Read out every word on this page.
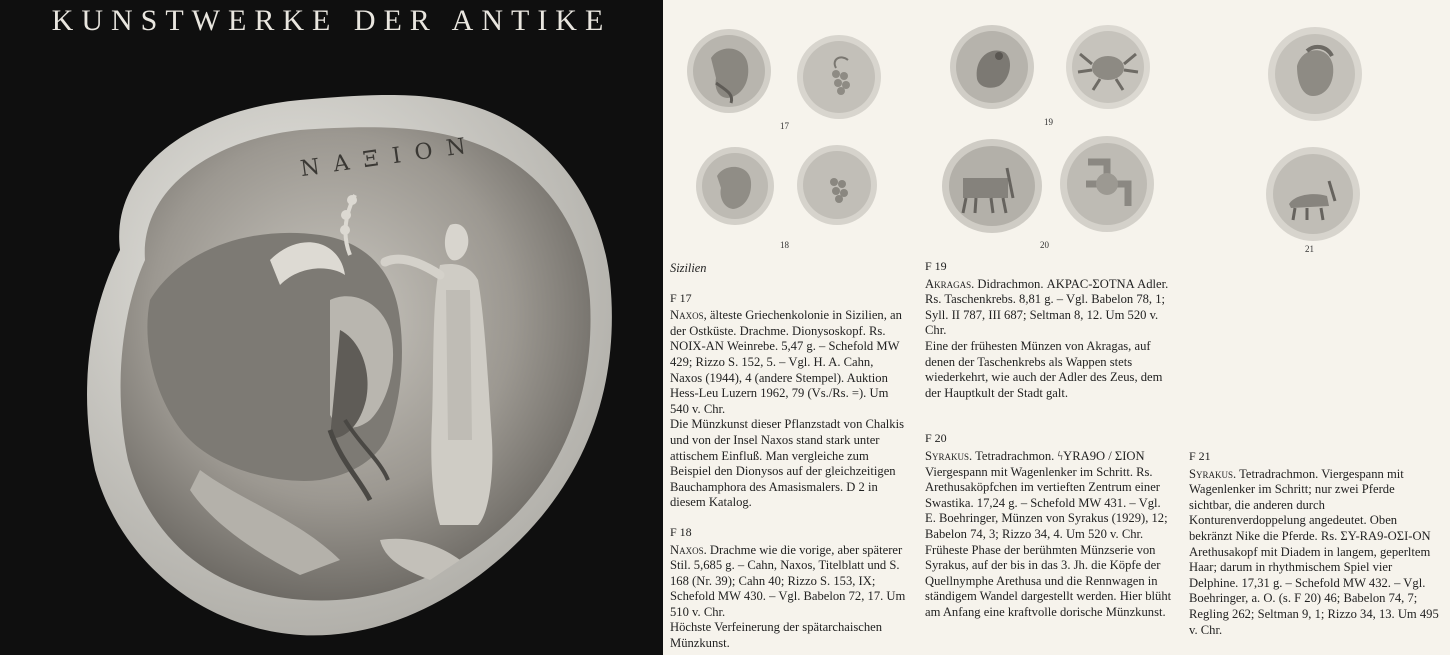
ΝΑΞΙΟΝ
KUNSTWERKE DER ANTIKE
17
18
19
20	21

Sizilien

F 17

Naxos, älteste Griechenkolonie in Sizilien, an der Ostküste. Drachme. Dionysoskopf. Rs. ΝΟΙΧ-ΑΝ Weinrebe. 5,47 g. – Schefold MW 429; Rizzo S. 152, 5. – Vgl. H. A. Cahn, Naxos (1944), 4 (andere Stempel). Auktion Hess-Leu Luzern 1962, 79 (Vs./Rs. =). Um 540 v. Chr.

Die Münzkunst dieser Pflanzstadt von Chalkis und von der Insel Naxos stand stark unter attischem Einfluß. Man vergleiche zum Beispiel den Dionysos auf der gleichzeitigen Bauchamphora des Amasismalers. D 2 in diesem Katalog.

F 18

Naxos. Drachme wie die vorige, aber späterer Stil. 5,685 g. – Cahn, Naxos, Titelblatt und S. 168 (Nr. 39); Cahn 40; Rizzo S. 153, IX; Schefold MW 430. – Vgl. Babelon 72, 17. Um 510 v. Chr.

Höchste Verfeinerung der spätarchaischen Münzkunst.

F 19

Akragas. Didrachmon. ΑΚΡΑϹ-ΣΟΤΝΑ Adler. Rs. Taschenkrebs. 8,81 g. – Vgl. Babelon 78, 1; Syll. II 787, III 687; Seltman 8, 12. Um 520 v. Chr.

Eine der frühesten Münzen von Akragas, auf denen der Taschenkrebs als Wappen stets wiederkehrt, wie auch der Adler des Zeus, dem der Hauptkult der Stadt galt.

F 20

Syrakus. Tetradrachmon. ϟΥRΑ9Ο / ΣΙΟΝ Viergespann mit Wagenlenker im Schritt. Rs. Arethusaköpfchen im vertieften Zentrum einer Swastika. 17,24 g. – Schefold MW 431. – Vgl. E. Boehringer, Münzen von Syrakus (1929), 12; Babelon 74, 3; Rizzo 34, 4. Um 520 v. Chr.

Früheste Phase der berühmten Münzserie von Syrakus, auf der bis in das 3. Jh. die Köpfe der Quellnymphe Arethusa und die Rennwagen in ständigem Wandel dargestellt werden. Hier blüht am Anfang eine kraftvolle dorische Münzkunst.

F 21

Syrakus. Tetradrachmon. Viergespann mit Wagenlenker im Schritt; nur zwei Pferde sichtbar, die anderen durch Konturenverdoppelung angedeutet. Oben bekränzt Nike die Pferde. Rs. ΣΥ-RΑ9-ΟΣΙ-ΟΝ Arethusakopf mit Diadem in langem, geperltem Haar; darum in rhythmischem Spiel vier Delphine. 17,31 g. – Schefold MW 432. – Vgl. Boehringer, a. O. (s. F 20) 46; Babelon 74, 7; Regling 262; Seltman 9, 1; Rizzo 34, 13. Um 495 v. Chr.
